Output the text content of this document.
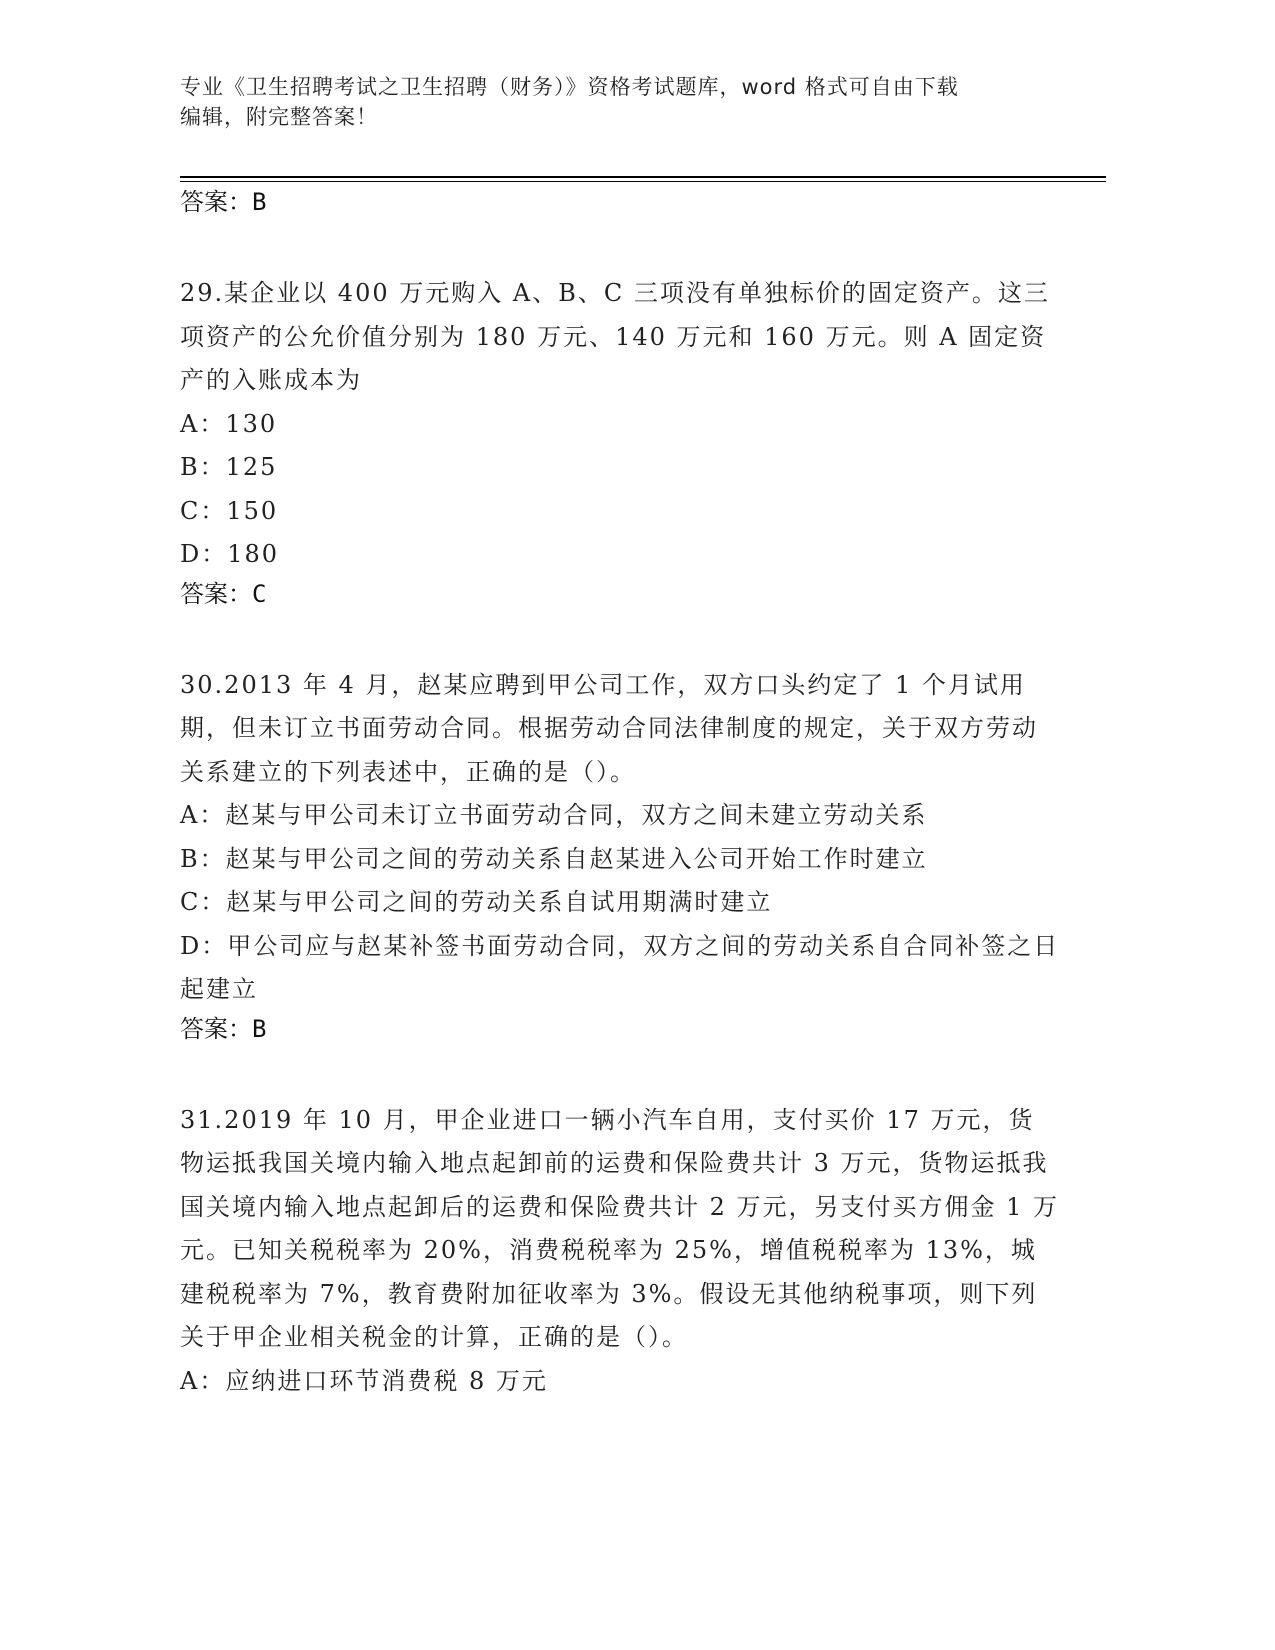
专业《卫生招聘考试之卫生招聘（财务）》资格考试题库，word 格式可自由下载
编辑，附完整答案！

答案：B

29.某企业以 400 万元购入 A、B、C 三项没有单独标价的固定资产。这三项资产的公允价值分别为 180 万元、140 万元和 160 万元。则 A 固定资产的入账成本为

A：130

B：125

C：150

D：180

答案：C

30.2013 年 4 月，赵某应聘到甲公司工作，双方口头约定了 1 个月试用期，但未订立书面劳动合同。根据劳动合同法律制度的规定，关于双方劳动关系建立的下列表述中，正确的是（）。

A：赵某与甲公司未订立书面劳动合同，双方之间未建立劳动关系

B：赵某与甲公司之间的劳动关系自赵某进入公司开始工作时建立

C：赵某与甲公司之间的劳动关系自试用期满时建立

D：甲公司应与赵某补签书面劳动合同，双方之间的劳动关系自合同补签之日起建立

答案：B

31.2019 年 10 月，甲企业进口一辆小汽车自用，支付买价 17 万元，货物运抵我国关境内输入地点起卸前的运费和保险费共计 3 万元，货物运抵我国关境内输入地点起卸后的运费和保险费共计 2 万元，另支付买方佣金 1 万元。已知关税税率为 20%，消费税税率为 25%，增值税税率为 13%，城建税税率为 7%，教育费附加征收率为 3%。假设无其他纳税事项，则下列关于甲企业相关税金的计算，正确的是（）。

A：应纳进口环节消费税 8 万元
